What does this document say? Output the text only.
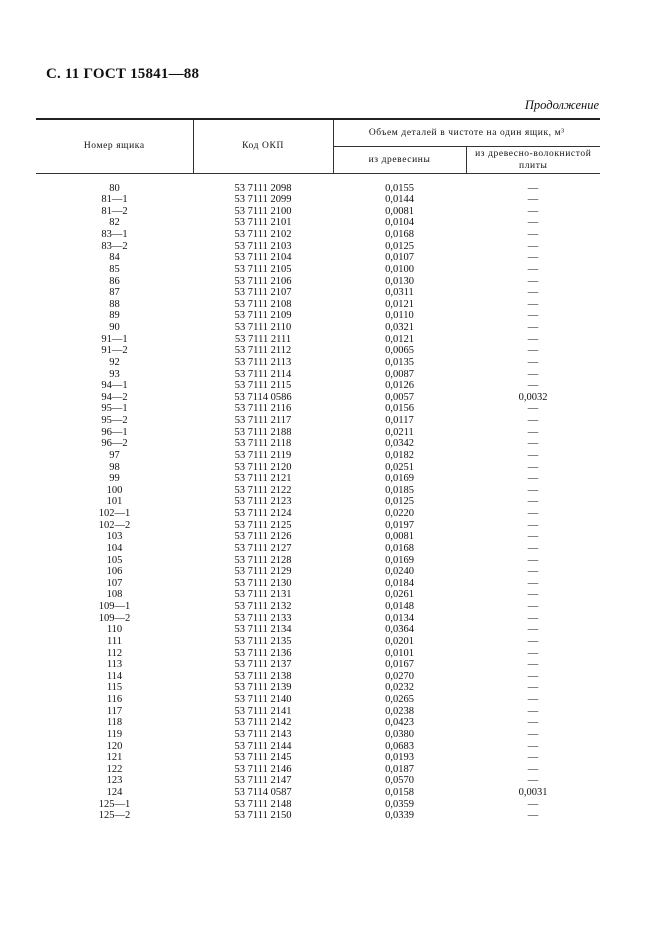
С. 11 ГОСТ 15841—88
Продолжение
Номер ящика	Код ОКП	Объем деталей в чистоте на один ящик, м³	
		из древесины	из древесно-волокнистой плиты
80	53 7111 2098	0,0155	—
81—1	53 7111 2099	0,0144	—
81—2	53 7111 2100	0,0081	—
82	53 7111 2101	0,0104	—
83—1	53 7111 2102	0,0168	—
83—2	53 7111 2103	0,0125	—
84	53 7111 2104	0,0107	—
85	53 7111 2105	0,0100	—
86	53 7111 2106	0,0130	—
87	53 7111 2107	0,0311	—
88	53 7111 2108	0,0121	—
89	53 7111 2109	0,0110	—
90	53 7111 2110	0,0321	—
91—1	53 7111 2111	0,0121	—
91—2	53 7111 2112	0,0065	—
92	53 7111 2113	0,0135	—
93	53 7111 2114	0,0087	—
94—1	53 7111 2115	0,0126	—
94—2	53 7114 0586	0,0057	0,0032
95—1	53 7111 2116	0,0156	—
95—2	53 7111 2117	0,0117	—
96—1	53 7111 2188	0,0211	—
96—2	53 7111 2118	0,0342	—
97	53 7111 2119	0,0182	—
98	53 7111 2120	0,0251	—
99	53 7111 2121	0,0169	—
100	53 7111 2122	0,0185	—
101	53 7111 2123	0,0125	—
102—1	53 7111 2124	0,0220	—
102—2	53 7111 2125	0,0197	—
103	53 7111 2126	0,0081	—
104	53 7111 2127	0,0168	—
105	53 7111 2128	0,0169	—
106	53 7111 2129	0,0240	—
107	53 7111 2130	0,0184	—
108	53 7111 2131	0,0261	—
109—1	53 7111 2132	0,0148	—
109—2	53 7111 2133	0,0134	—
110	53 7111 2134	0,0364	—
111	53 7111 2135	0,0201	—
112	53 7111 2136	0,0101	—
113	53 7111 2137	0,0167	—
114	53 7111 2138	0,0270	—
115	53 7111 2139	0,0232	—
116	53 7111 2140	0,0265	—
117	53 7111 2141	0,0238	—
118	53 7111 2142	0,0423	—
119	53 7111 2143	0,0380	—
120	53 7111 2144	0,0683	—
121	53 7111 2145	0,0193	—
122	53 7111 2146	0,0187	—
123	53 7111 2147	0,0570	—
124	53 7114 0587	0,0158	0,0031
125—1	53 7111 2148	0,0359	—
125—2	53 7111 2150	0,0339	—
